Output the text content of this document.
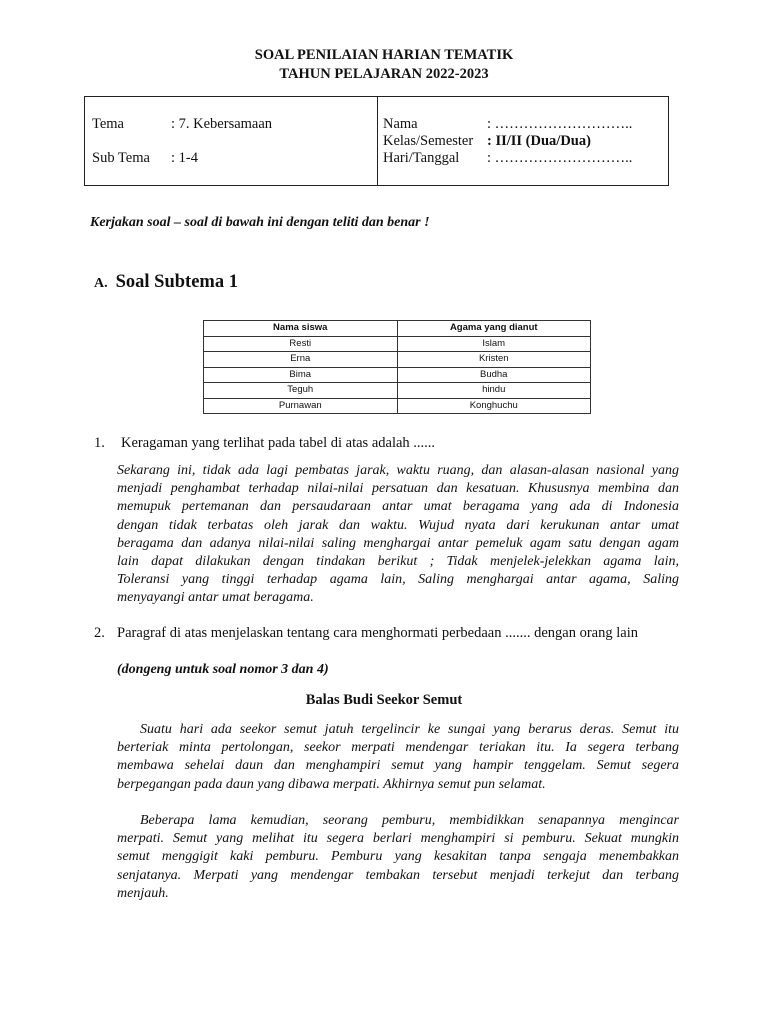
SOAL PENILAIAN HARIAN TEMATIK
TAHUN PELAJARAN 2022-2023
Tema	: 7. Kebersamaan
Sub Tema : 1-4
Nama	: ………………………..
Kelas/Semester : II/II (Dua/Dua)
Hari/Tanggal : ………………………..
Kerjakan soal – soal di bawah ini dengan teliti dan benar !
A. Soal Subtema 1
Nama siswa	Agama yang dianut
Resti	Islam
Erna	Kristen
Bima	Budha
Teguh	hindu
Purnawan	Konghuchu
1. Keragaman yang terlihat pada tabel di atas adalah ......
Sekarang ini, tidak ada lagi pembatas jarak, waktu ruang, dan alasan-alasan nasional yang
menjadi penghambat terhadap nilai-nilai persatuan dan kesatuan. Khususnya membina dan
memupuk pertemanan dan persaudaraan antar umat beragama yang ada di Indonesia
dengan tidak terbatas oleh jarak dan waktu. Wujud nyata dari kerukunan antar umat
beragama dan adanya nilai-nilai saling menghargai antar pemeluk agam satu dengan agam
lain dapat dilakukan dengan tindakan berikut ; Tidak menjelek-jelekkan agama lain,
Toleransi yang tinggi terhadap agama lain, Saling menghargai antar agama, Saling
menyayangi antar umat beragama.
2. Paragraf di atas menjelaskan tentang cara menghormati perbedaan ....... dengan orang lain
(dongeng untuk soal nomor 3 dan 4)
Balas Budi Seekor Semut
Suatu hari ada seekor semut jatuh tergelincir ke sungai yang berarus deras. Semut itu
berteriak minta pertolongan, seekor merpati mendengar teriakan itu. Ia segera terbang
membawa sehelai daun dan menghampiri semut yang hampir tenggelam. Semut segera
berpegangan pada daun yang dibawa merpati. Akhirnya semut pun selamat.
Beberapa lama kemudian, seorang pemburu, membidikkan senapannya mengincar
merpati. Semut yang melihat itu segera berlari menghampiri si pemburu. Sekuat mungkin
semut menggigit kaki pemburu. Pemburu yang kesakitan tanpa sengaja menembakkan
senjatanya. Merpati yang mendengar tembakan tersebut menjadi terkejut dan terbang
menjauh.
